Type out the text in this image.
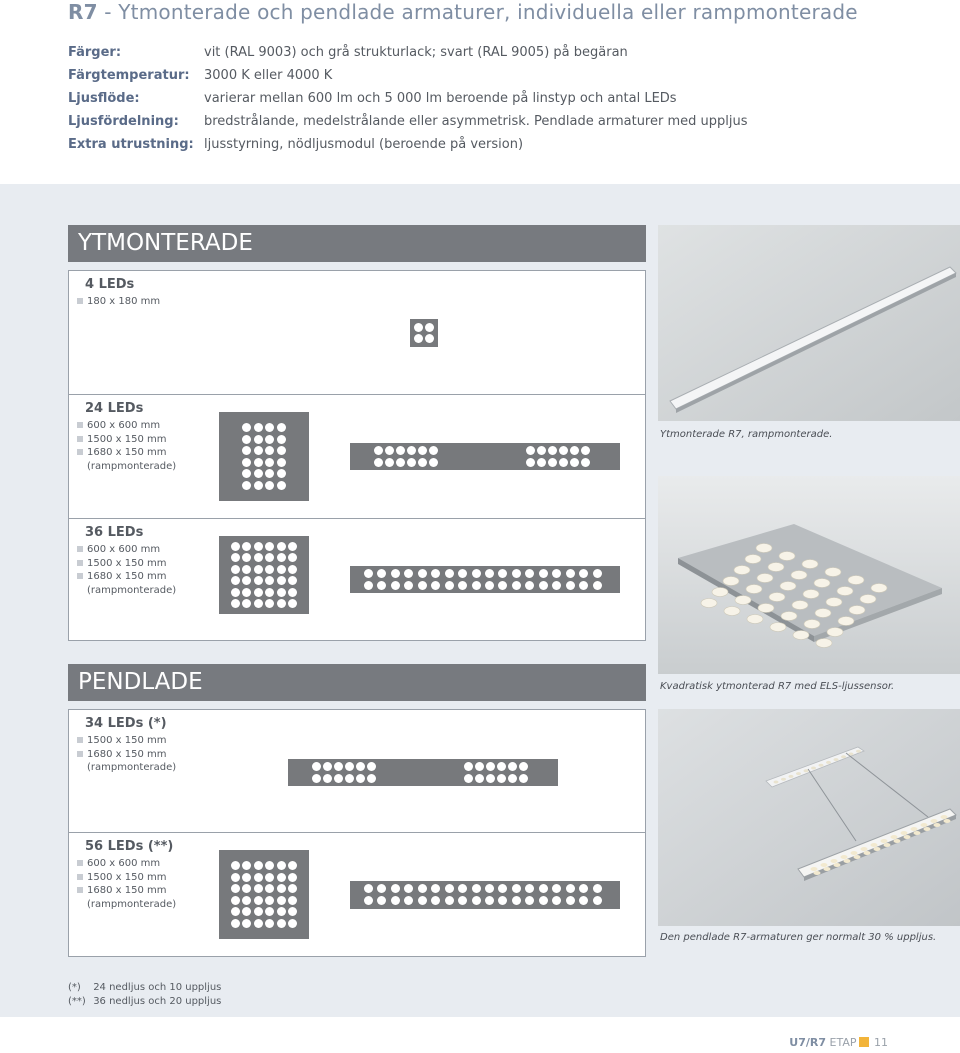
R7 - Ytmonterade och pendlade armaturer, individuella eller rampmonterade
Färger:	vit (RAL 9003) och grå strukturlack; svart (RAL 9005) på begäran
Färgtemperatur: 3000 K eller 4000 K
Ljusflöde:	varierar mellan 600 lm och 5 000 lm beroende på linstyp och antal LEDs
Ljusfördelning: bredstrålande, medelstrålande eller asymmetrisk. Pendlade armaturer med uppljus
Extra utrustning: ljusstyrning, nödljusmodul (beroende på version)
YTMONTERADE
4 LEDs
180 x 180 mm
24 LEDs
600 x 600 mm
1500 x 150 mm
1680 x 150 mm
(rampmonterade)
36 LEDs
600 x 600 mm
1500 x 150 mm
1680 x 150 mm
(rampmonterade)
PENDLADE
34 LEDs (*)
1500 x 150 mm
1680 x 150 mm
(rampmonterade)
56 LEDs (**)
600 x 600 mm
1500 x 150 mm
1680 x 150 mm
(rampmonterade)
Ytmonterade R7, rampmonterade.
Kvadratisk ytmonterad R7 med ELS-ljussensor.
Den pendlade R7-armaturen ger normalt 30 % uppljus.
(*) 24 nedljus och 10 uppljus
(**) 36 nedljus och 20 uppljus
U7/R7 ETAP 11
